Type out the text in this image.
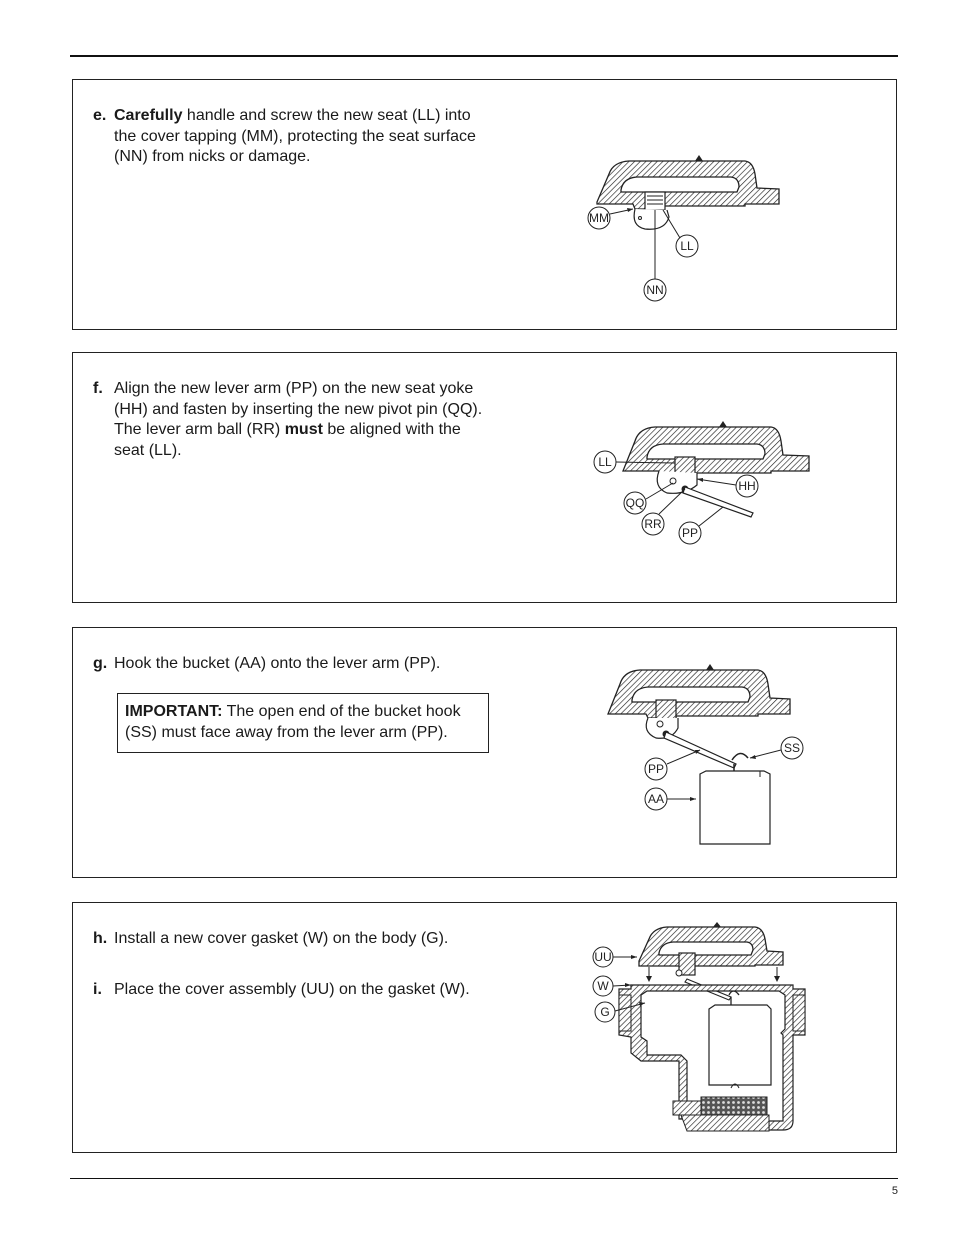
e. Carefully handle and screw the new seat (LL) into the cover tapping (MM), protecting the seat surface (NN) from nicks or damage.
MM
LL
NN
f. Align the new lever arm (PP) on the new seat yoke (HH) and fasten by inserting the new pivot pin (QQ). The lever arm ball (RR) must be aligned with the seat (LL).
LL
HH
QQ
RR
PP
g. Hook the bucket (AA) onto the lever arm (PP).
IMPORTANT: The open end of the bucket hook (SS) must face away from the lever arm (PP).
SS
PP
AA
h. Install a new cover gasket (W) on the body (G).
i. Place the cover assembly (UU) on the gasket (W).
UU
W
G
5
